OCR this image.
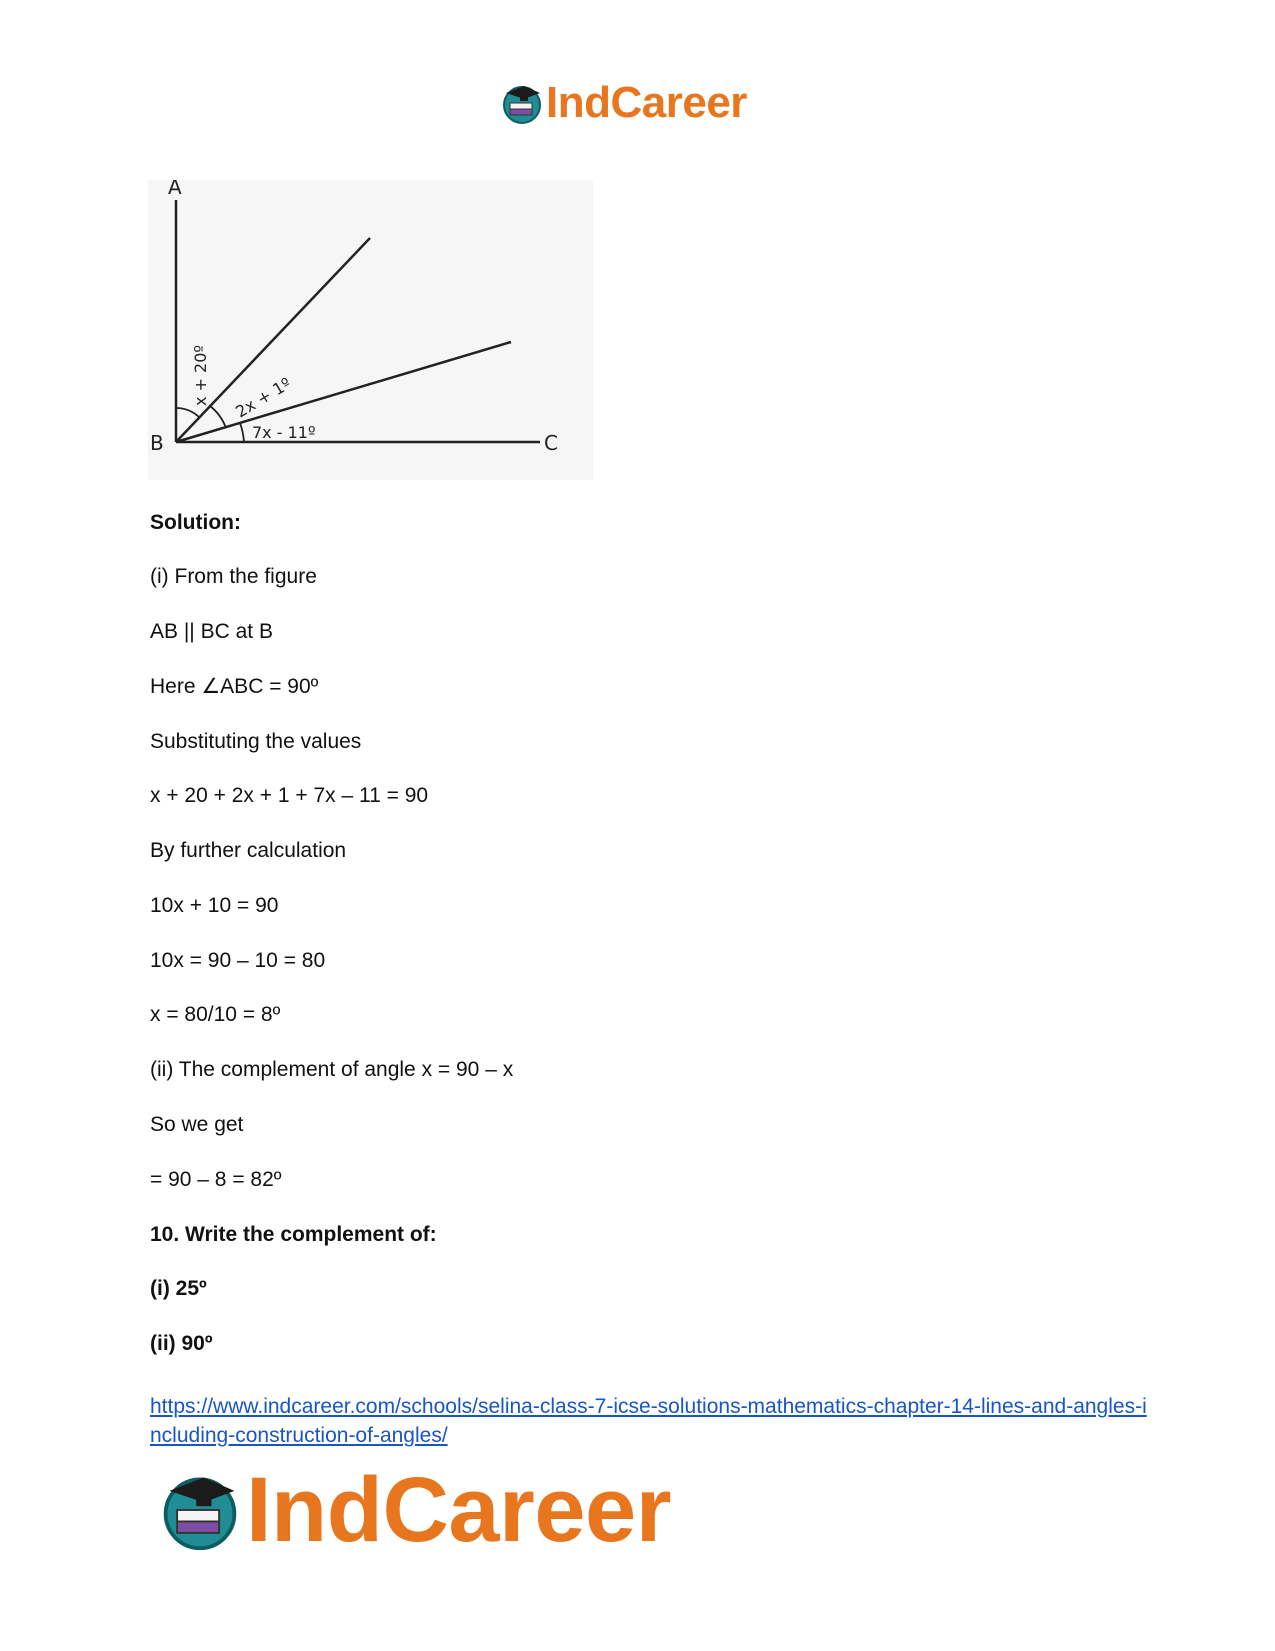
IndCareer
A
B	C
x + 20º 2x + 1º
7x - 11º
Solution:
(i) From the figure
AB || BC at B
Here ∠ABC = 90º
Substituting the values
x + 20 + 2x + 1 + 7x – 11 = 90
By further calculation
10x + 10 = 90
10x = 90 – 10 = 80
x = 80/10 = 8º
(ii) The complement of angle x = 90 – x
So we get
= 90 – 8 = 82º
10. Write the complement of:
(i) 25º
(ii) 90º
https://www.indcareer.com/schools/selina-class-7-icse-solutions-mathematics-chapter-14-lines-and-angles-including-construction-of-angles/
IndCareer
